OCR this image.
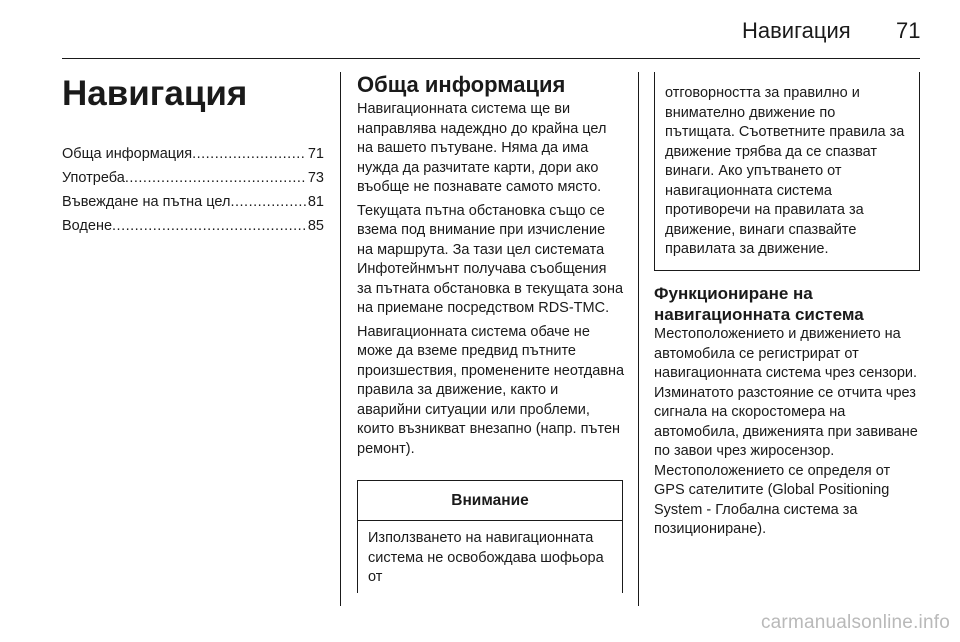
Навигация	71
Навигация
Обща информация .....	71
Употреба .....	73
Въвеждане на пътна цел .....	81
Водене .....	85
Обща информация

Навигационната система ще ви направлява надеждно до крайна цел на вашето пътуване. Няма да има нужда да разчитате карти, дори ако въобще не познавате самото място.

Текущата пътна обстановка също се взема под внимание при изчисление на маршрута. За тази цел системата Инфотейнмънт получава съобщения за пътната обстановка в текущата зона на приемане посредством RDS-TMC.

Навигационната система обаче не може да вземе предвид пътните произшествия, променените неотдавна правила за движение, както и аварийни ситуации или проблеми, които възникват внезапно (напр. пътен ремонт).

Внимание
Използването на навигационната система не освобождава шофьора от
отговорността за правилно и внимателно движение по пътищата. Съответните правила за движение трябва да се спазват винаги. Ако упътването от навигационната система противоречи на правилата за движение, винаги спазвайте правилата за движение.
Функциониране на навигационната система

Местоположението и движението на автомобила се регистрират от навигационната система чрез сензори. Изминатото разстояние се отчита чрез сигнала на скоростомера на автомобила, движенията при завиване по завои чрез жиросензор.

Местоположението се определя от GPS сателитите (Global Positioning System - Глобална система за позициониране).

carmanualsonline.info
